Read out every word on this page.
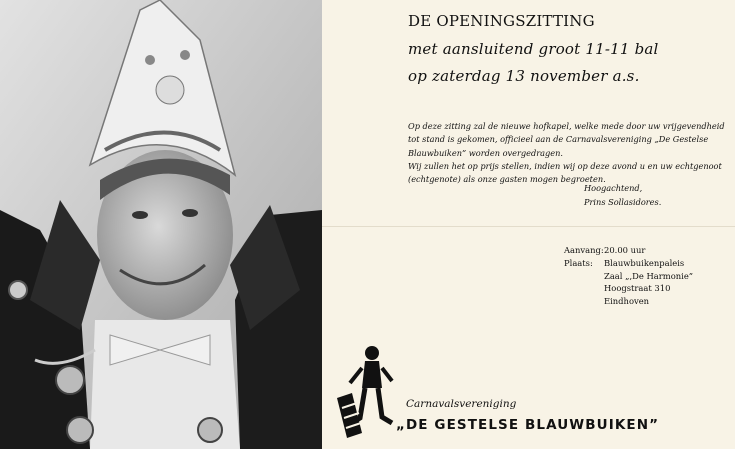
DE OPENINGSZITTING
met aansluitend groot 11-11 bal
op zaterdag 13 november a.s.

Op deze zitting zal de nieuwe hofkapel, welke mede door uw vrijgevendheid tot stand is gekomen, officieel aan de Carnavalsvereniging „De Gestelse Blauwbuiken” worden overgedragen.

Wij zullen het op prijs stellen, indien wij op deze avond u en uw echtgenoot (echtgenote) als onze gasten mogen begroeten.

Hoogachtend,
Prins Sollasidores.
Aanvang: 20.00 uur
Plaats:	Blauwbuikenpaleis
Zaal „,De Harmonie”
Hoogstraat 310
Eindhoven
Carnavalsvereniging
„DE GESTELSE BLAUWBUIKEN”
